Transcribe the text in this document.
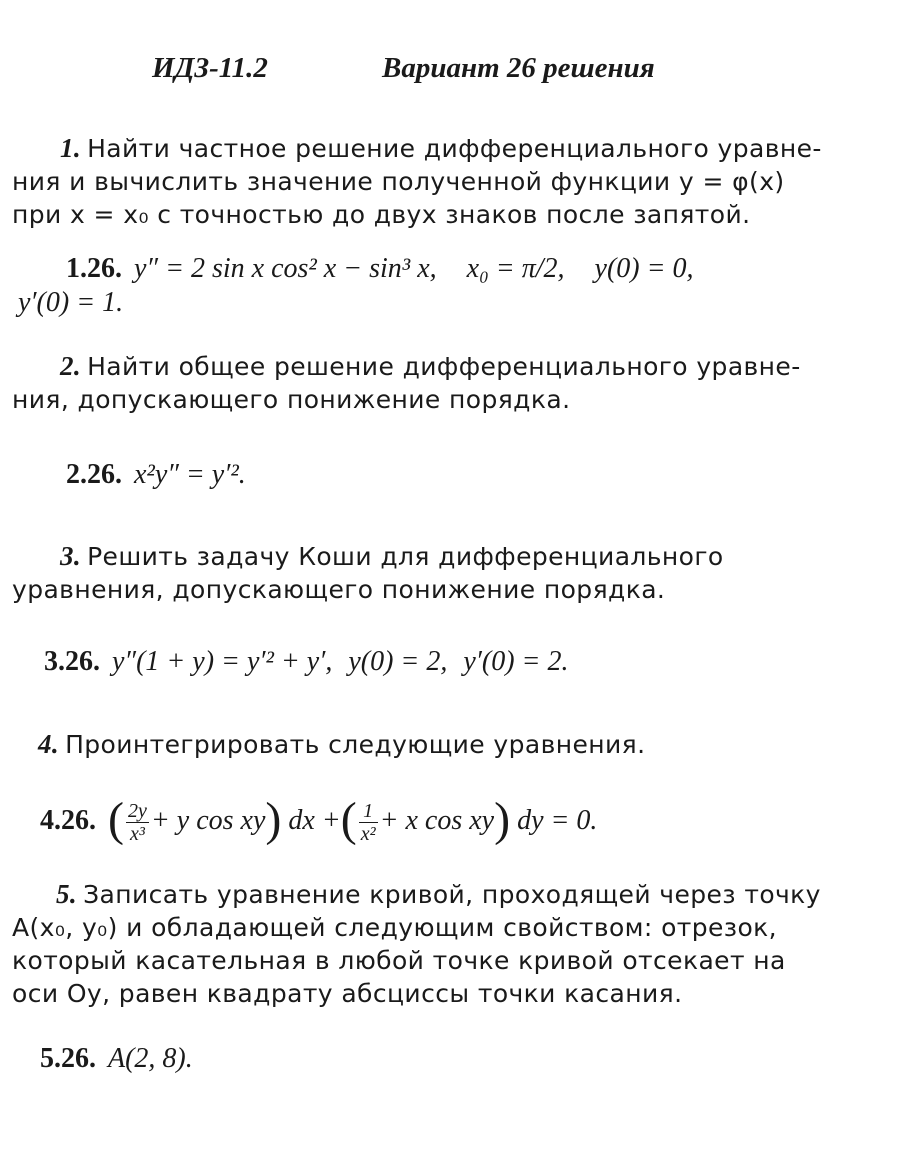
ИДЗ-11.2	Вариант 26 решения
1. Найти частное решение дифференциального уравне-
ния и вычислить значение полученной функции y = φ(x)
при x = x₀ с точностью до двух знаков после запятой.
1.26. y″ = 2 sin x cos² x − sin³ x, x₀ = π/2, y(0) = 0,
y′(0) = 1.
2. Найти общее решение дифференциального уравне-
ния, допускающего понижение порядка.
2.26. x²y″ = y′².
3. Решить задачу Коши для дифференциального
уравнения, допускающего понижение порядка.
3.26. y″(1 + y) = y′² + y′, y(0) = 2, y′(0) = 2.
4. Проинтегрировать следующие уравнения.
4.26. ( $\frac{2y}{\text{x³}} + y$ cos xy) dx +( $\frac{1}{\text{x²}} + x$ cos xy) dy = 0.
5. Записать уравнение кривой, проходящей через точку
A(x₀, y₀) и обладающей следующим свойством: отрезок,
который касательная в любой точке кривой отсекает на
оси Oy, равен квадрату абсциссы точки касания.
5.26. A(2, 8).
